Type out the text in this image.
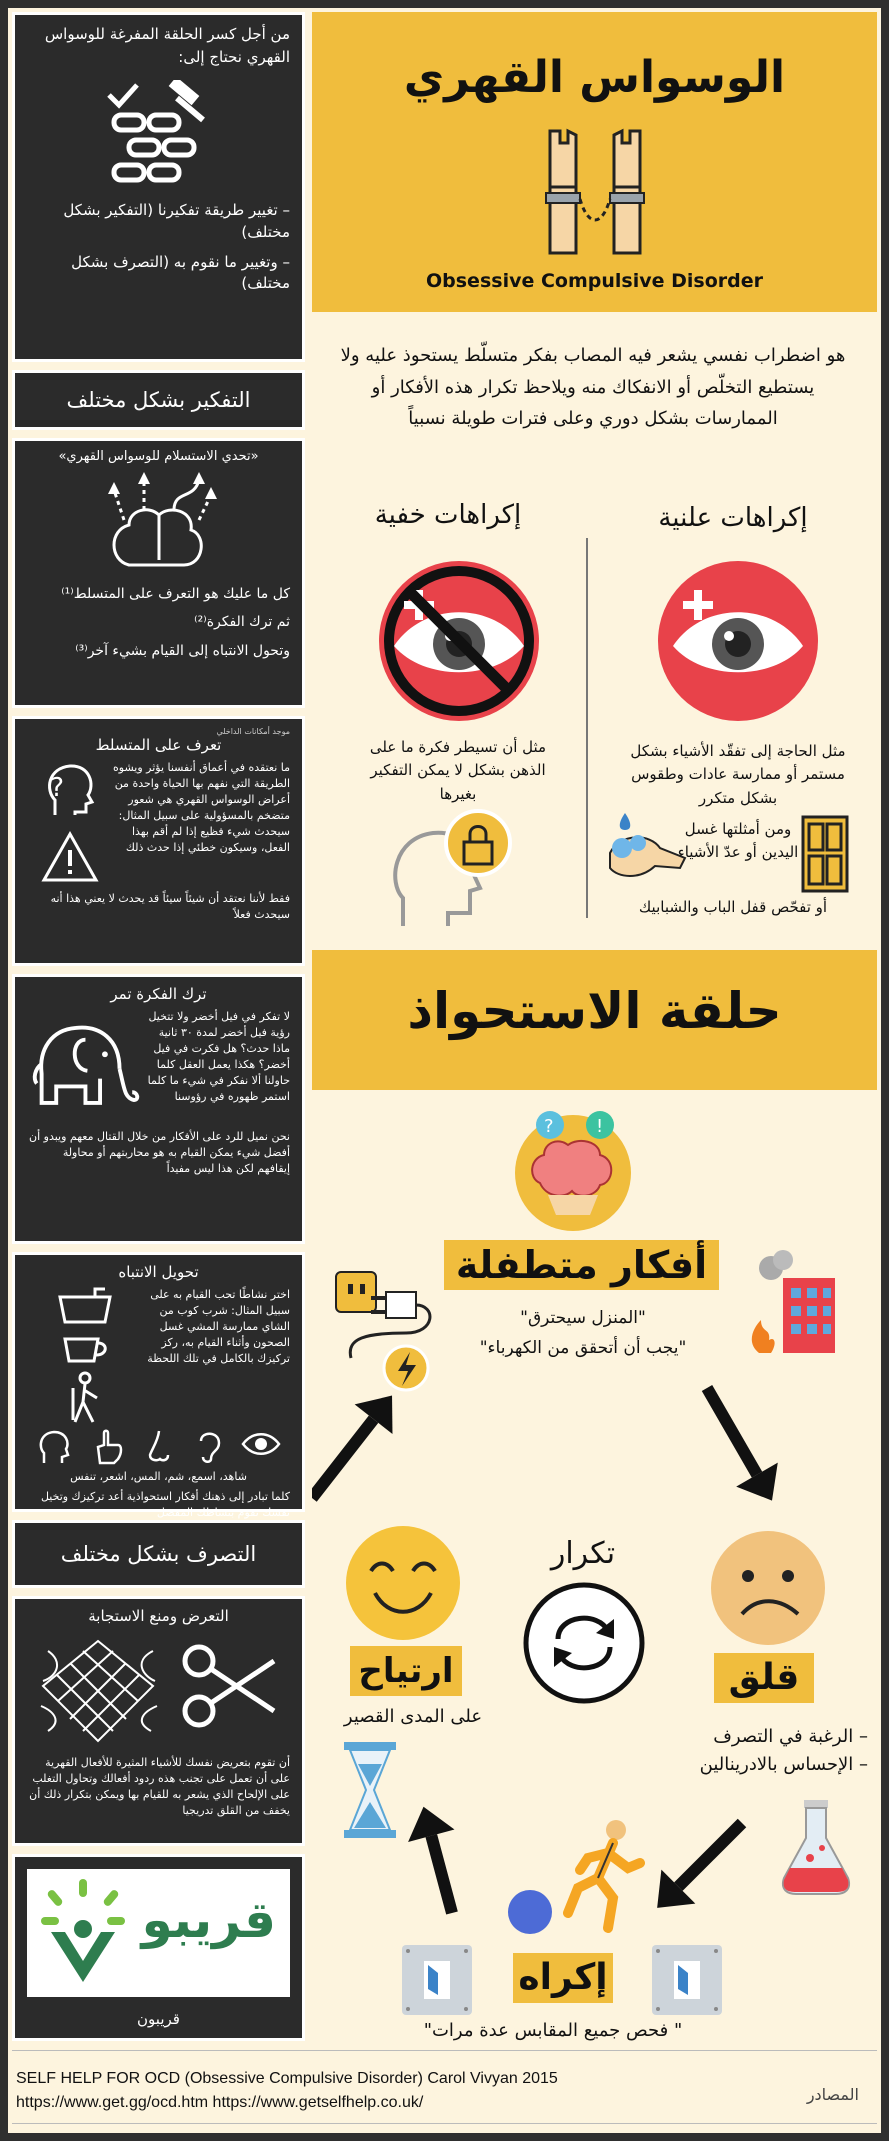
من أجل كسر الحلقة المفرغة للوسواس القهري نحتاج إلى:
– تغيير طريقة تفكيرنا (التفكير بشكل مختلف)
– وتغيير ما نقوم به (التصرف بشكل مختلف)
التفكير بشكل مختلف
«تحدي الاستسلام للوسواس القهري»
كل ما عليك هو التعرف على المتسلط⁽¹⁾
ثم ترك الفكرة⁽²⁾
وتحول الانتباه إلى القيام بشيء آخر⁽³⁾
موجد أمكانات الداخلي
تعرف على المتسلط
ما نعتقده في أعماق أنفسنا يؤثر ويشوه الطريقة التي نفهم بها الحياة واحدة من أعراض الوسواس القهري هي شعور متضخم بالمسؤولية على سبيل المثال: سيحدث شيء فظيع إذا لم أقم بهذا الفعل، وسيكون خطئي إذا حدث ذلك
?
فقط لأننا نعتقد أن شيئاً سيئاً قد يحدث لا يعني هذا أنه سيحدث فعلاً
ترك الفكرة تمر
لا تفكر في فيل أخضر ولا تتخيل رؤية فيل أخضر لمدة ٣٠ ثانية ماذا حدث؟ هل فكرت في فيل أخضر؟ هكذا يعمل العقل كلما حاولنا ألا نفكر في شيء ما كلما استمر ظهوره في رؤوسنا
نحن نميل للرد على الأفكار من خلال القتال معهم ويبدو أن أفضل شيء يمكن القيام به هو محاربتهم أو محاولة إيقافهم لكن هذا ليس مفيداً
تحويل الانتباه
اختر نشاطًا تحب القيام به على سبيل المثال: شرب كوب من الشاي ممارسة المشي غسل الصحون وأثناء القيام به، ركز تركيزك بالكامل في تلك اللحظة
شاهد، اسمع، شم، المس، اشعر، تنفس
كلما تبادر إلى ذهنك أفكار استحواذية أعد تركيزك وتخيل نفسك تقوم بنشاطك المفضل
التصرف بشكل مختلف
التعرض ومنع الاستجابة
أن تقوم بتعريض نفسك للأشياء المثيرة للأفعال القهرية على أن تعمل على تجنب هذه ردود أفعالك وتحاول التغلب على الإلحاح الذي يشعر به للقيام بها ويمكن بتكرار ذلك أن يخفف من القلق تدريجيا
قريبو
قريبون
الوسواس القهري
Obsessive Compulsive Disorder
هو اضطراب نفسي يشعر فيه المصاب بفكر متسلّط يستحوذ عليه ولا يستطيع التخلّص أو الانفكاك منه ويلاحظ تكرار هذه الأفكار أو الممارسات بشكل دوري وعلى فترات طويلة نسبياً
إكراهات علنية
مثل الحاجة إلى تفقّد الأشياء بشكل مستمر أو ممارسة عادات وطقوس بشكل متكرر
ومن أمثلتها غسل اليدين أو عدّ الأشياء
أو تفحّص قفل الباب والشبابيك
إكراهات خفية
مثل أن تسيطر فكرة ما على الذهن بشكل لا يمكن التفكير بغيرها
حلقة الاستحواذ
? !
أفكار متطفلة
"المنزل سيحترق"
"يجب أن أتحقق من الكهرباء"
تكرار
ارتياح
على المدى القصير
قلق
– الرغبة في التصرف
– الإحساس بالادرينالين
إكراه
" فحص جميع المقابس عدة مرات"
المصادر
SELF HELP FOR OCD (Obsessive Compulsive Disorder) Carol Vivyan 2015
https://www.get.gg/ocd.htm https://www.getselfhelp.co.uk/
